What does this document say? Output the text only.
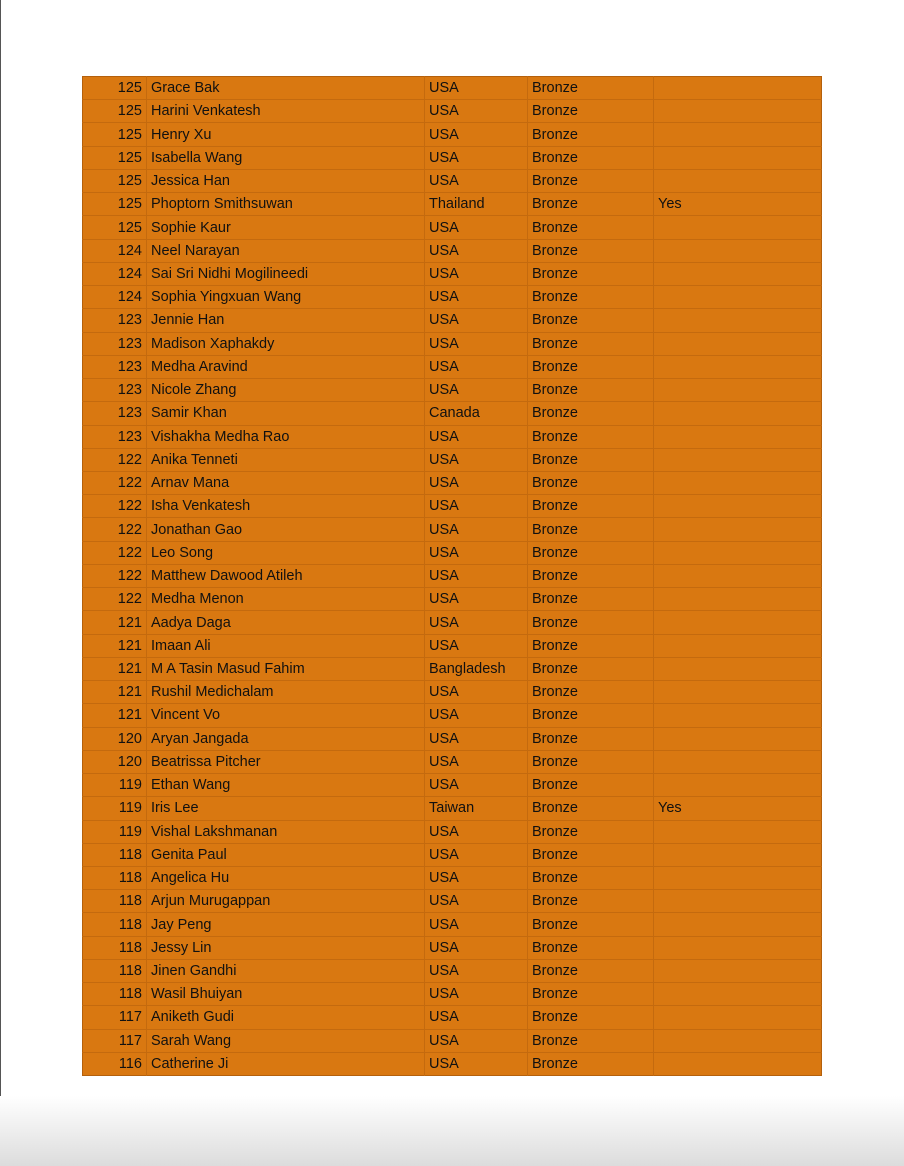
125	Grace Bak	USA	Bronze	
125	Harini Venkatesh	USA	Bronze	
125	Henry Xu	USA	Bronze	
125	Isabella Wang	USA	Bronze	
125	Jessica Han	USA	Bronze	
125	Phoptorn Smithsuwan	Thailand	Bronze	Yes
125	Sophie Kaur	USA	Bronze	
124	Neel Narayan	USA	Bronze	
124	Sai Sri Nidhi Mogilineedi	USA	Bronze	
124	Sophia Yingxuan Wang	USA	Bronze	
123	Jennie Han	USA	Bronze	
123	Madison Xaphakdy	USA	Bronze	
123	Medha Aravind	USA	Bronze	
123	Nicole Zhang	USA	Bronze	
123	Samir Khan	Canada	Bronze	
123	Vishakha Medha Rao	USA	Bronze	
122	Anika Tenneti	USA	Bronze	
122	Arnav Mana	USA	Bronze	
122	Isha Venkatesh	USA	Bronze	
122	Jonathan Gao	USA	Bronze	
122	Leo Song	USA	Bronze	
122	Matthew Dawood Atileh	USA	Bronze	
122	Medha Menon	USA	Bronze	
121	Aadya Daga	USA	Bronze	
121	Imaan Ali	USA	Bronze	
121	M A Tasin Masud Fahim	Bangladesh	Bronze	
121	Rushil Medichalam	USA	Bronze	
121	Vincent Vo	USA	Bronze	
120	Aryan Jangada	USA	Bronze	
120	Beatrissa Pitcher	USA	Bronze	
119	Ethan Wang	USA	Bronze	
119	Iris Lee	Taiwan	Bronze	Yes
119	Vishal Lakshmanan	USA	Bronze	
118	Genita Paul	USA	Bronze	
118	Angelica Hu	USA	Bronze	
118	Arjun Murugappan	USA	Bronze	
118	Jay Peng	USA	Bronze	
118	Jessy Lin	USA	Bronze	
118	Jinen Gandhi	USA	Bronze	
118	Wasil Bhuiyan	USA	Bronze	
117	Aniketh Gudi	USA	Bronze	
117	Sarah Wang	USA	Bronze	
116	Catherine Ji	USA	Bronze	
